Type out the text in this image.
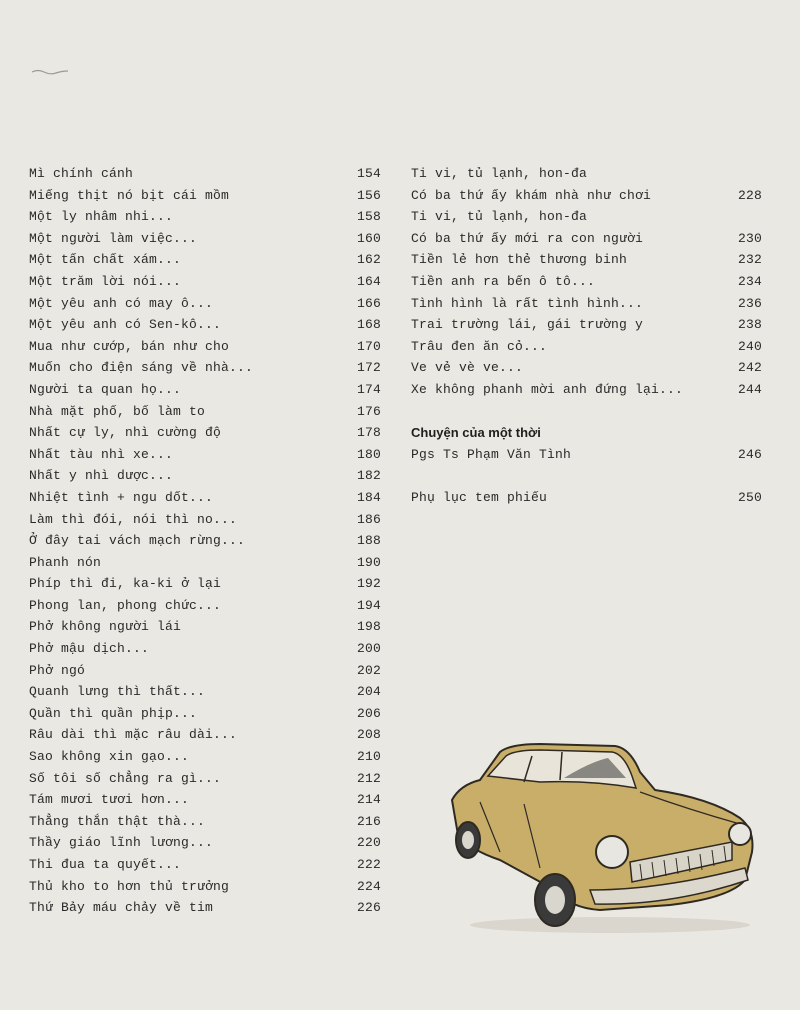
Mì chính cánh	154
Miếng thịt nó bịt cái mồm	156
Một ly nhâm nhi...	158
Một người làm việc...	160
Một tấn chất xám...	162
Một trăm lời nói...	164
Một yêu anh có may ô...	166
Một yêu anh có Sen-kô...	168
Mua như cướp, bán như cho	170
Muốn cho điện sáng về nhà...	172
Người ta quan họ...	174
Nhà mặt phố, bố làm to	176
Nhất cự ly, nhì cường độ	178
Nhất tàu nhì xe...	180
Nhất y nhì dược...	182
Nhiệt tình + ngu dốt...	184
Làm thì đói, nói thì no...	186
Ở đây tai vách mạch rừng...	188
Phanh nón	190
Phíp thì đi, ka-ki ở lại	192
Phong lan, phong chức...	194
Phở không người lái	198
Phở mậu dịch...	200
Phở ngó	202
Quanh lưng thì thất...	204
Quần thì quần phịp...	206
Râu dài thì mặc râu dài...	208
Sao không xin gạo...	210
Số tôi số chẳng ra gì...	212
Tám mươi tươi hơn...	214
Thẳng thắn thật thà...	216
Thầy giáo lĩnh lương...	220
Thi đua ta quyết...	222
Thủ kho to hơn thủ trưởng	224
Thứ Bảy máu chảy về tim	226
Ti vi, tủ lạnh, hon-đa
Có ba thứ ấy khám nhà như chơi	228
Ti vi, tủ lạnh, hon-đa
Có ba thứ ấy mới ra con người	230
Tiền lẻ hơn thẻ thương binh	232
Tiền anh ra bến ô tô...	234
Tình hình là rất tình hình...	236
Trai trường lái, gái trường y	238
Trâu đen ăn cỏ...	240
Ve vẻ vè ve...	242
Xe không phanh mời anh đứng lại...	244
Chuyện của một thời
Pgs Ts Phạm Văn Tình	246
Phụ lục tem phiếu	250
